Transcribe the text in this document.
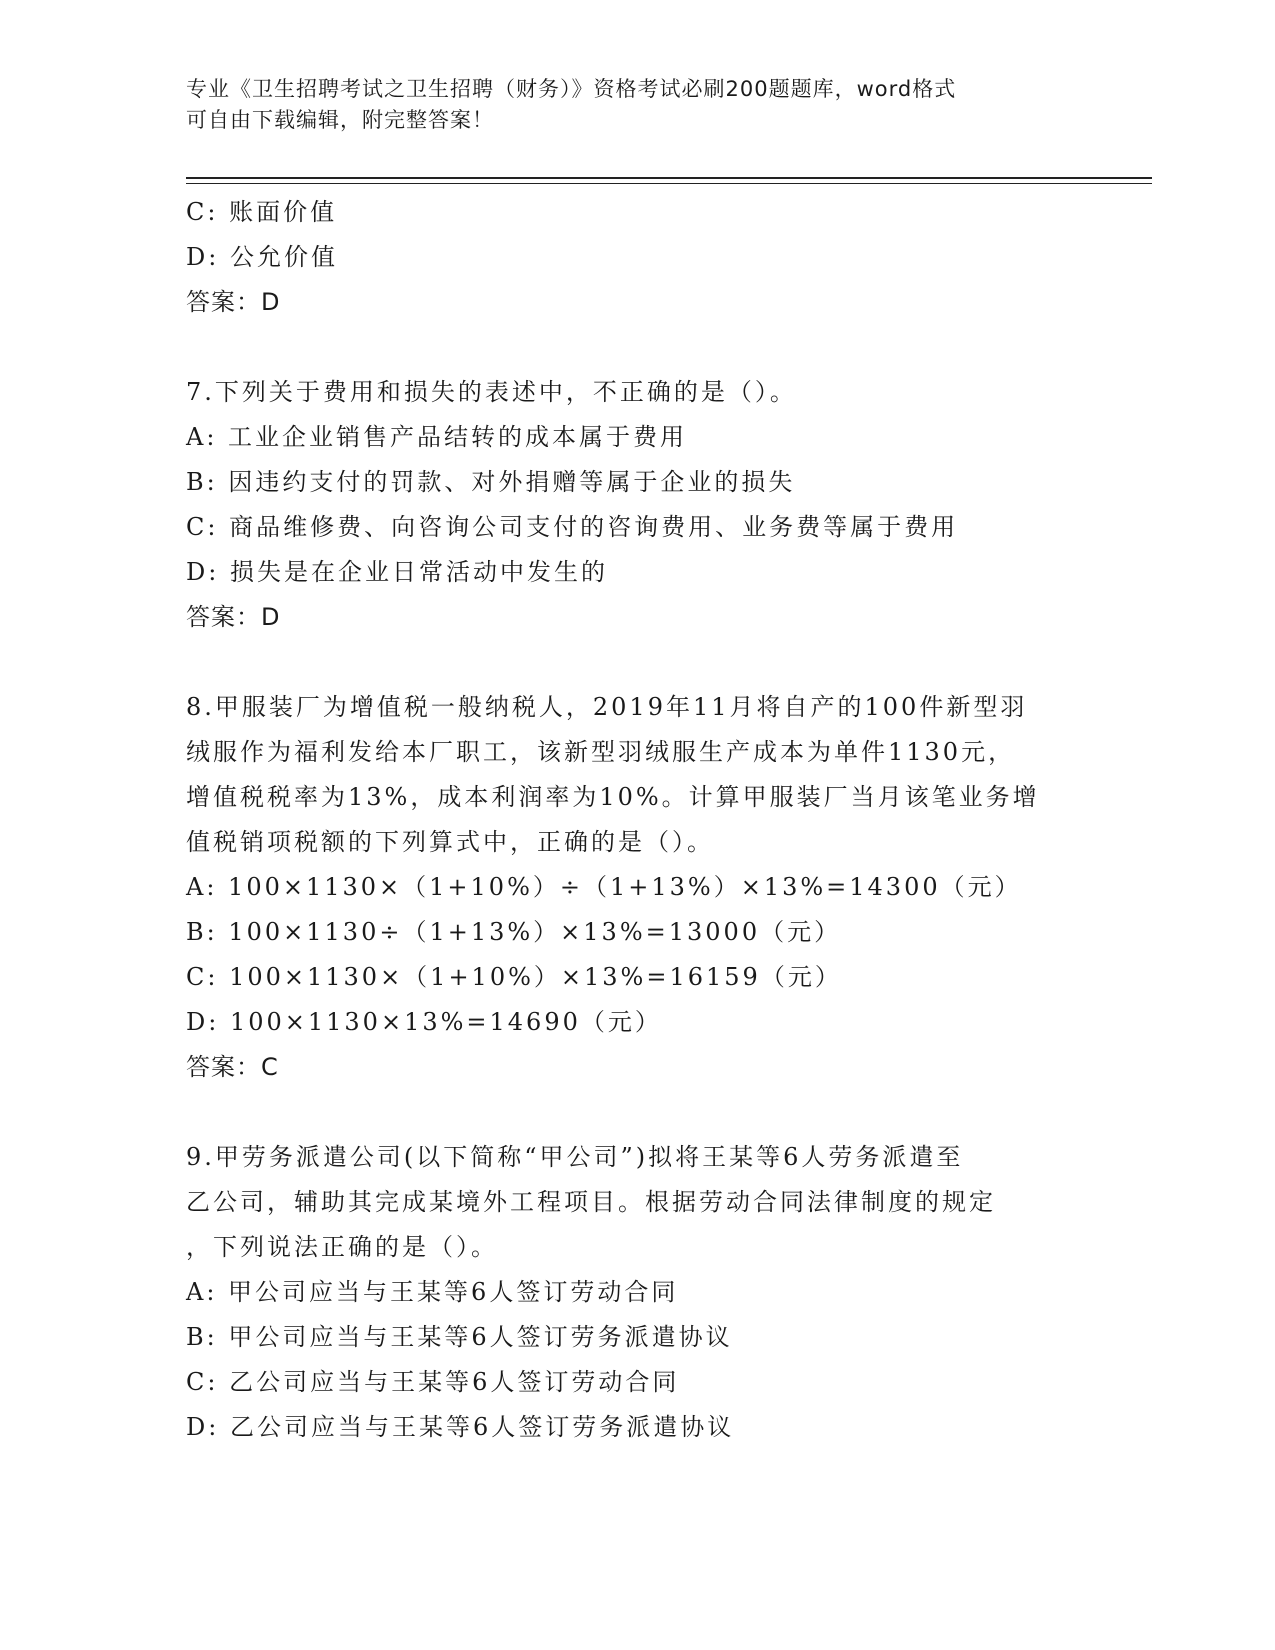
专业《卫生招聘考试之卫生招聘（财务）》资格考试必刷200题题库，word格式
可自由下载编辑，附完整答案！
C: 账面价值
D: 公允价值
答案：D
7.下列关于费用和损失的表述中，不正确的是（）。
A: 工业企业销售产品结转的成本属于费用
B: 因违约支付的罚款、对外捐赠等属于企业的损失
C: 商品维修费、向咨询公司支付的咨询费用、业务费等属于费用
D: 损失是在企业日常活动中发生的
答案：D
8.甲服装厂为增值税一般纳税人，2019年11月将自产的100件新型羽
绒服作为福利发给本厂职工，该新型羽绒服生产成本为单件1130元，
增值税税率为13%，成本利润率为10%。计算甲服装厂当月该笔业务增
值税销项税额的下列算式中，正确的是（）。
A: 100×1130×（1+10%）÷（1+13%）×13%=14300（元）
B: 100×1130÷（1+13%）×13%=13000（元）
C: 100×1130×（1+10%）×13%=16159（元）
D: 100×1130×13%=14690（元）
答案：C
9.甲劳务派遣公司(以下简称“甲公司”)拟将王某等6人劳务派遣至
乙公司，辅助其完成某境外工程项目。根据劳动合同法律制度的规定
，下列说法正确的是（）。
A: 甲公司应当与王某等6人签订劳动合同
B: 甲公司应当与王某等6人签订劳务派遣协议
C: 乙公司应当与王某等6人签订劳动合同
D: 乙公司应当与王某等6人签订劳务派遣协议
